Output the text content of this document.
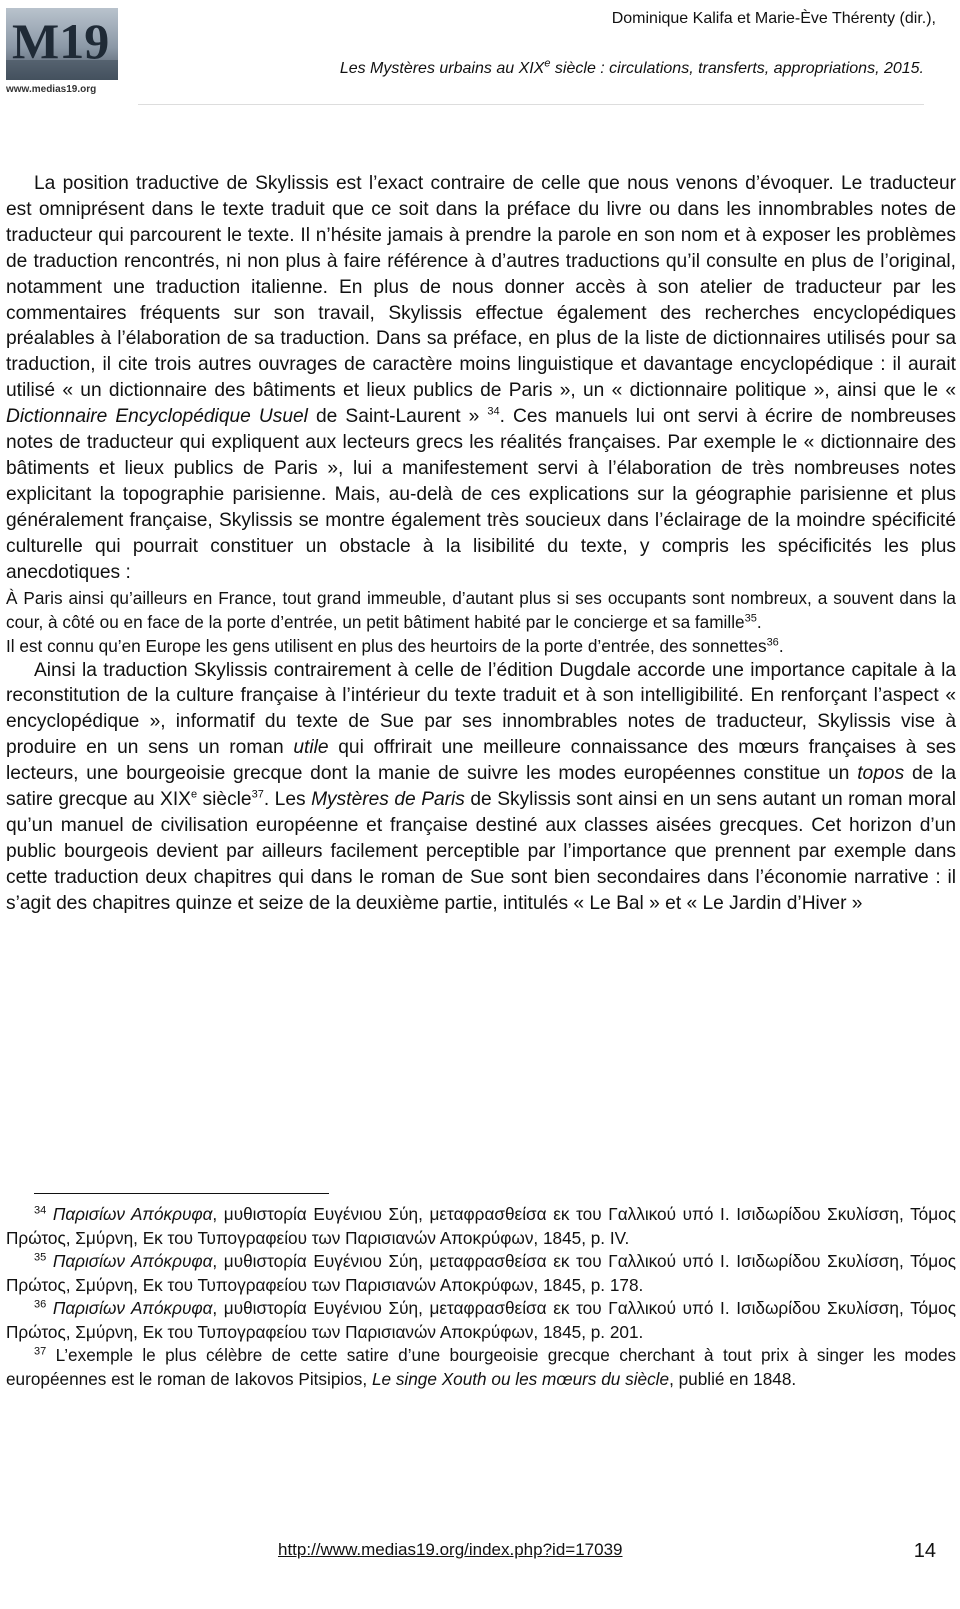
M19
www.medias19.org
Dominique Kalifa et Marie-Ève Thérenty (dir.),
Les Mystères urbains au XIXe siècle : circulations, transferts, appropriations, 2015.

La position traductive de Skylissis est l’exact contraire de celle que nous venons d’évoquer. Le traducteur est omniprésent dans le texte traduit que ce soit dans la préface du livre ou dans les innombrables notes de traducteur qui parcourent le texte. Il n’hésite jamais à prendre la parole en son nom et à exposer les problèmes de traduction rencontrés, ni non plus à faire référence à d’autres traductions qu’il consulte en plus de l’original, notamment une traduction italienne. En plus de nous donner accès à son atelier de traducteur par les commentaires fréquents sur son travail, Skylissis effectue également des recherches encyclopédiques préalables à l’élaboration de sa traduction. Dans sa préface, en plus de la liste de dictionnaires utilisés pour sa traduction, il cite trois autres ouvrages de caractère moins linguistique et davantage encyclopédique : il aurait utilisé « un dictionnaire des bâtiments et lieux publics de Paris », un « dictionnaire politique », ainsi que le « Dictionnaire Encyclopédique Usuel de Saint-Laurent » $^{34}$. Ces manuels lui ont servi à écrire de nombreuses notes de traducteur qui expliquent aux lecteurs grecs les réalités françaises. Par exemple le « dictionnaire des bâtiments et lieux publics de Paris », lui a manifestement servi à l’élaboration de très nombreuses notes explicitant la topographie parisienne. Mais, au-delà de ces explications sur la géographie parisienne et plus généralement française, Skylissis se montre également très soucieux dans l’éclairage de la moindre spécificité culturelle qui pourrait constituer un obstacle à la lisibilité du texte, y compris les spécificités les plus anecdotiques :

À Paris ainsi qu’ailleurs en France, tout grand immeuble, d’autant plus si ses occupants sont nombreux, a souvent dans la cour, à côté ou en face de la porte d’entrée, un petit bâtiment habité par le concierge et sa famille$^{35}$.

Il est connu qu’en Europe les gens utilisent en plus des heurtoirs de la porte d’entrée, des sonnettes$^{36}$.

Ainsi la traduction Skylissis contrairement à celle de l’édition Dugdale accorde une importance capitale à la reconstitution de la culture française à l’intérieur du texte traduit et à son intelligibilité. En renforçant l’aspect « encyclopédique », informatif du texte de Sue par ses innombrables notes de traducteur, Skylissis vise à produire en un sens un roman utile qui offrirait une meilleure connaissance des mœurs françaises à ses lecteurs, une bourgeoisie grecque dont la manie de suivre les modes européennes constitue un topos de la satire grecque au XIXe siècle$^{37}$. Les Mystères de Paris de Skylissis sont ainsi en un sens autant un roman moral qu’un manuel de civilisation européenne et française destiné aux classes aisées grecques. Cet horizon d’un public bourgeois devient par ailleurs facilement perceptible par l’importance que prennent par exemple dans cette traduction deux chapitres qui dans le roman de Sue sont bien secondaires dans l’économie narrative : il s’agit des chapitres quinze et seize de la deuxième partie, intitulés « Le Bal » et « Le Jardin d’Hiver »

$^{34}$ Παρισίων Απόκρυφα, μυθιστορία Ευγένιου Σύη, μεταφρασθείσα εκ του Γαλλικού υπό Ι. Ισιδωρίδου Σκυλίσση, Τόμος Πρώτος, Σμύρνη, Εκ του Τυπογραφείου των Παρισιανών Αποκρύφων, 1845, p. IV.

$^{35}$ Παρισίων Απόκρυφα, μυθιστορία Ευγένιου Σύη, μεταφρασθείσα εκ του Γαλλικού υπό Ι. Ισιδωρίδου Σκυλίσση, Τόμος Πρώτος, Σμύρνη, Εκ του Τυπογραφείου των Παρισιανών Αποκρύφων, 1845, p. 178.

$^{36}$ Παρισίων Απόκρυφα, μυθιστορία Ευγένιου Σύη, μεταφρασθείσα εκ του Γαλλικού υπό Ι. Ισιδωρίδου Σκυλίσση, Τόμος Πρώτος, Σμύρνη, Εκ του Τυπογραφείου των Παρισιανών Αποκρύφων, 1845, p. 201.

$^{37}$ L’exemple le plus célèbre de cette satire d’une bourgeoisie grecque cherchant à tout prix à singer les modes européennes est le roman de Iakovos Pitsipios, Le singe Xouth ou les mœurs du siècle, publié en 1848.

http://www.medias19.org/index.php?id=17039	14
